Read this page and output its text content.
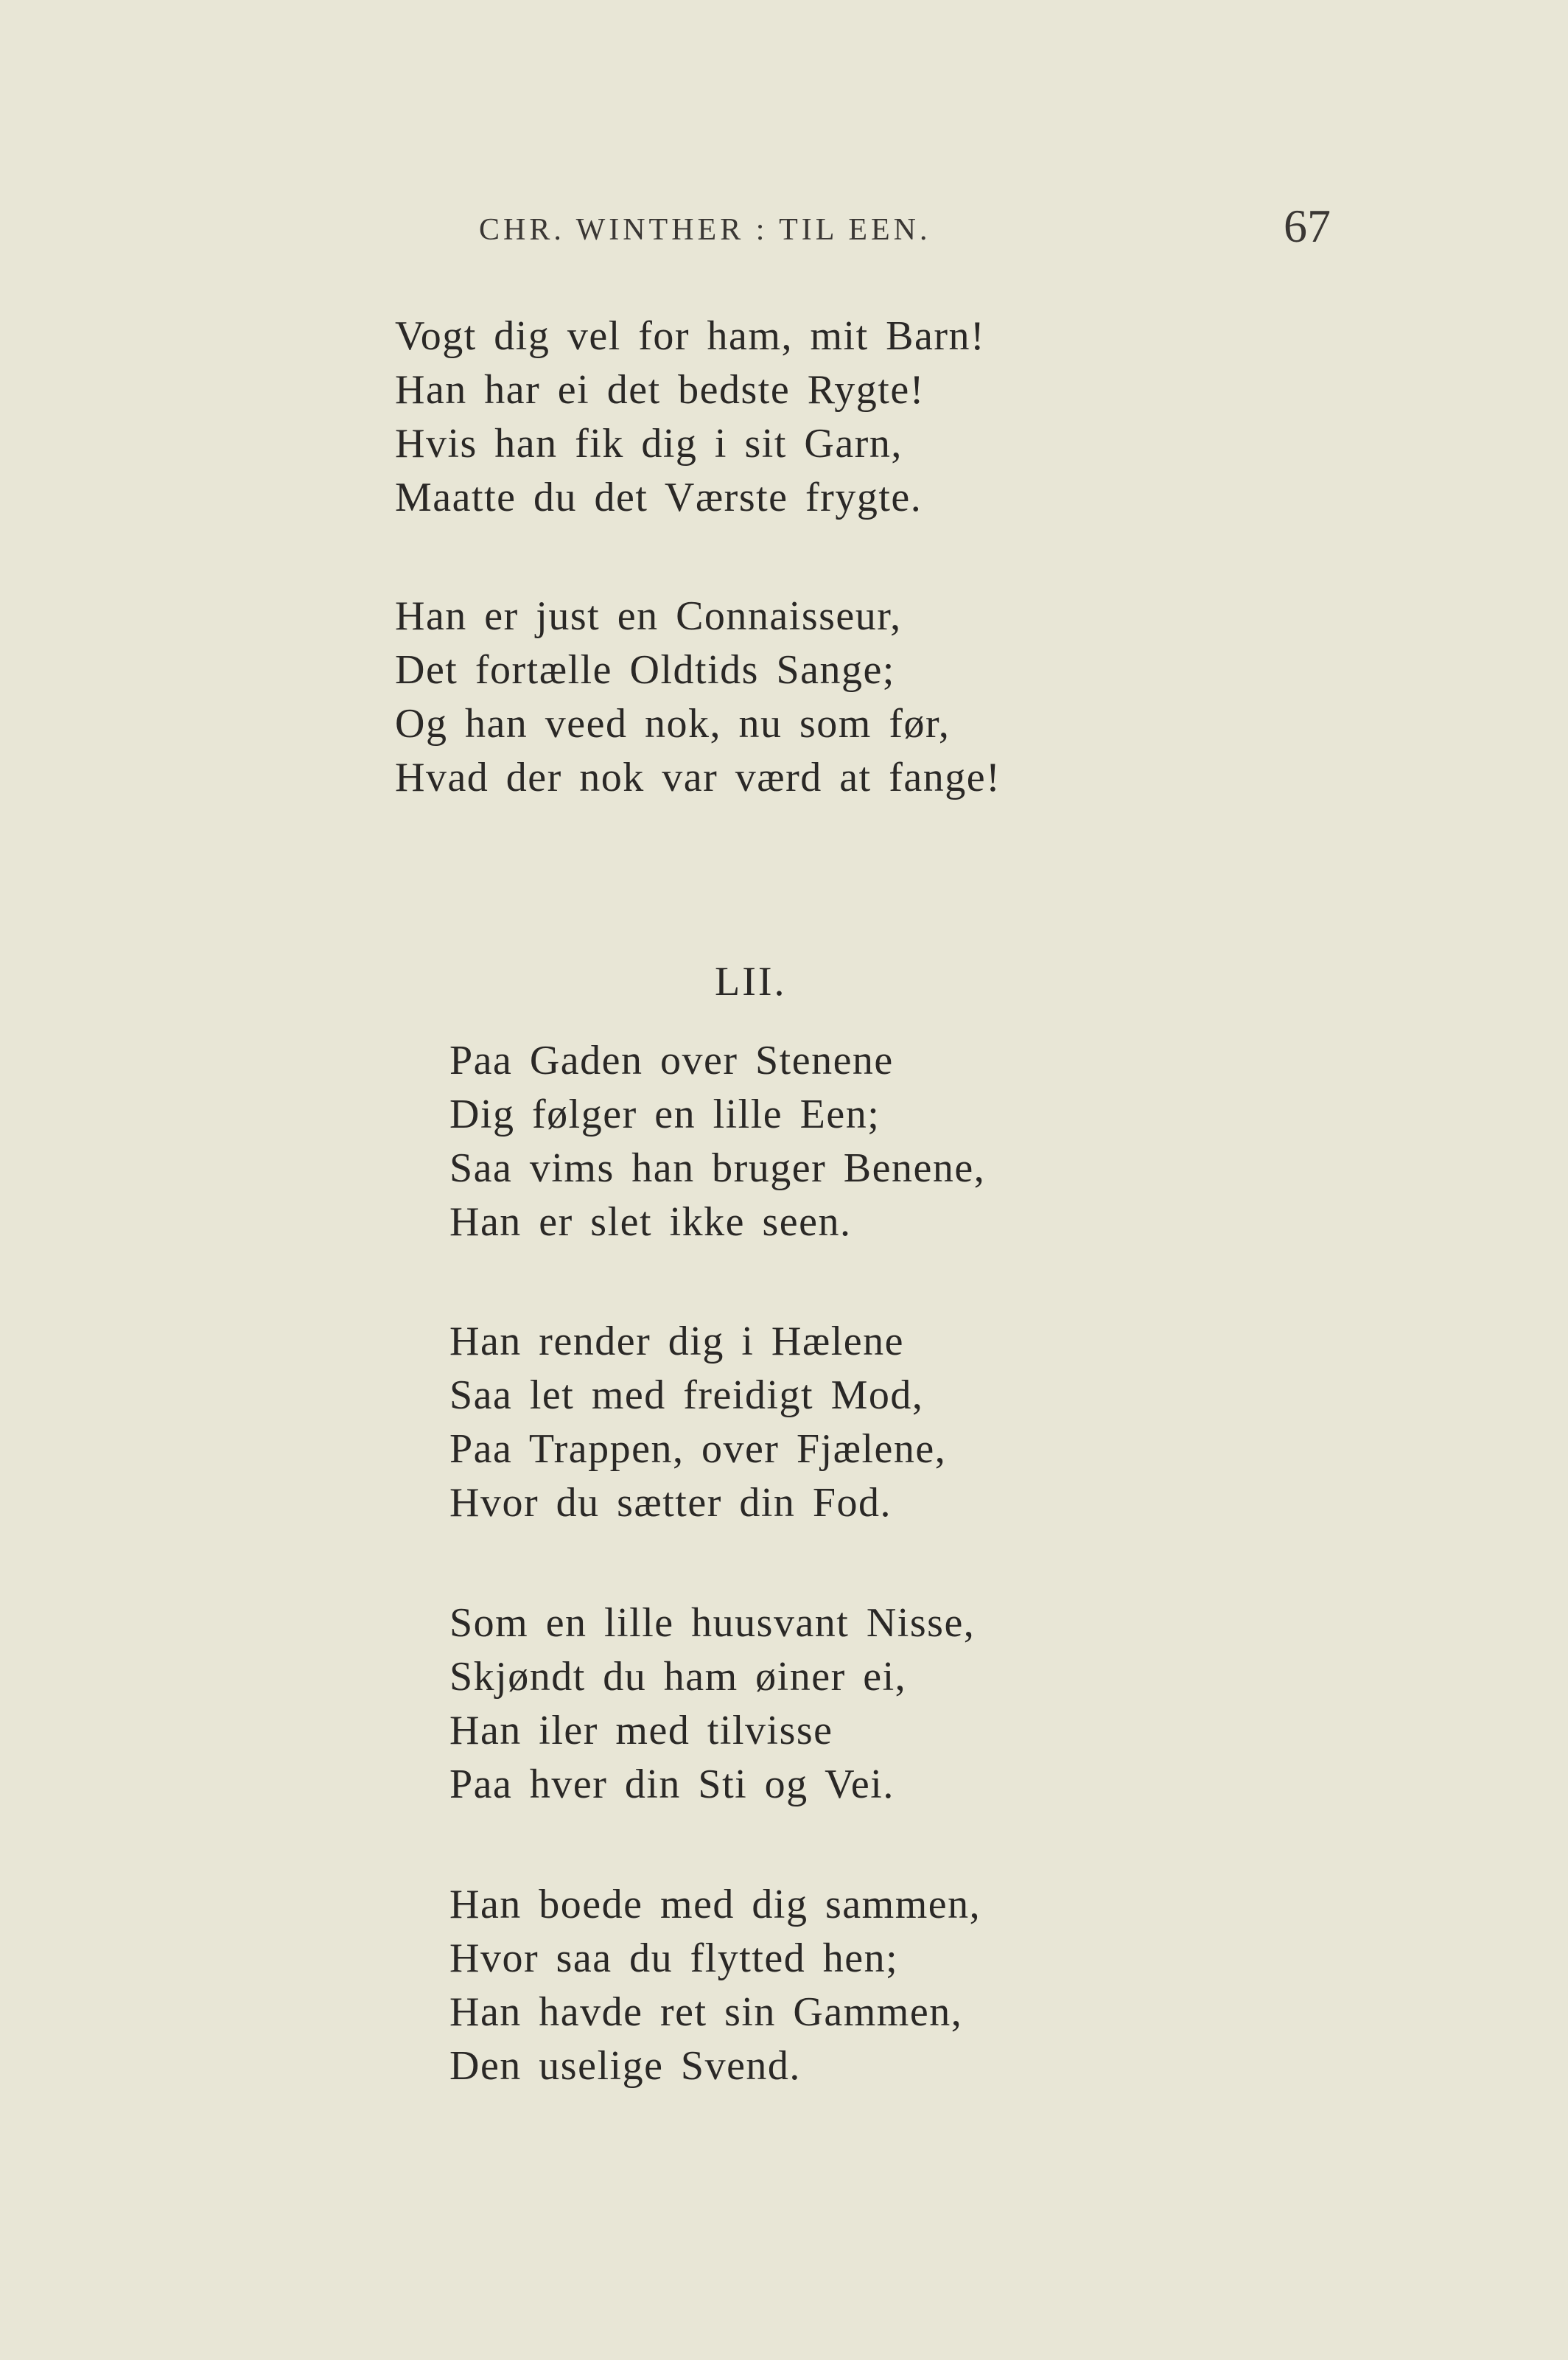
CHR. WINTHER : TIL EEN.	67
Vogt dig vel for ham, mit Barn!
Han har ei det bedste Rygte!
Hvis han fik dig i sit Garn,
Maatte du det Værste frygte.
Han er just en Connaisseur,
Det fortælle Oldtids Sange;
Og han veed nok, nu som før,
Hvad der nok var værd at fange!
LII.
Paa Gaden over Stenene
Dig følger en lille Een;
Saa vims han bruger Benene,
Han er slet ikke seen.
Han render dig i Hælene
Saa let med freidigt Mod,
Paa Trappen, over Fjælene,
Hvor du sætter din Fod.
Som en lille huusvant Nisse,
Skjøndt du ham øiner ei,
Han iler med tilvisse
Paa hver din Sti og Vei.
Han boede med dig sammen,
Hvor saa du flytted hen;
Han havde ret sin Gammen,
Den uselige Svend.
